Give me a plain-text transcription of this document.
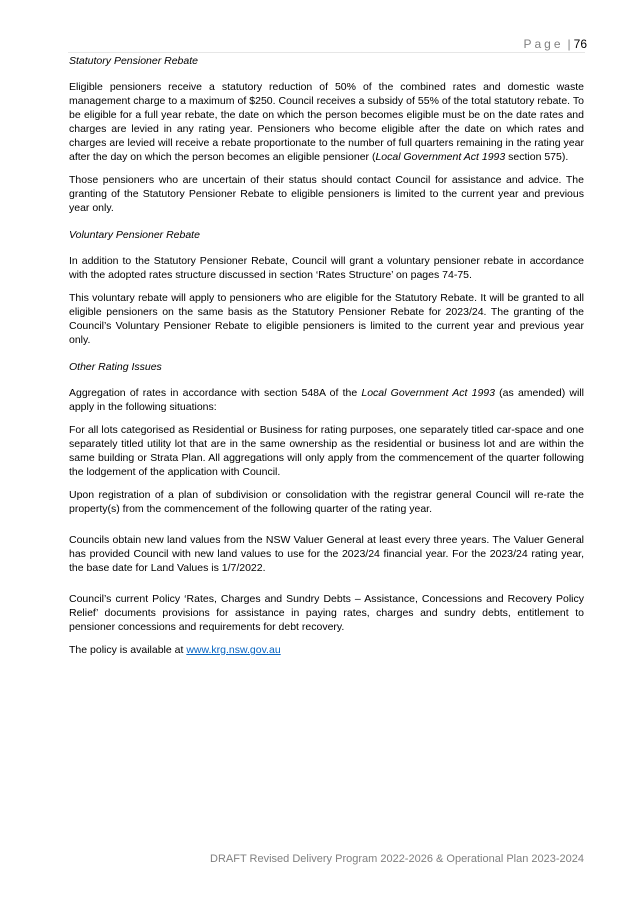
Page | 76

Statutory Pensioner Rebate

Eligible pensioners receive a statutory reduction of 50% of the combined rates and domestic waste management charge to a maximum of $250. Council receives a subsidy of 55% of the total statutory rebate. To be eligible for a full year rebate, the date on which the person becomes eligible must be on the date rates and charges are levied in any rating year. Pensioners who become eligible after the date on which rates and charges are levied will receive a rebate proportionate to the number of full quarters remaining in the rating year after the day on which the person becomes an eligible pensioner (Local Government Act 1993 section 575).

Those pensioners who are uncertain of their status should contact Council for assistance and advice. The granting of the Statutory Pensioner Rebate to eligible pensioners is limited to the current year and previous year only.

Voluntary Pensioner Rebate

In addition to the Statutory Pensioner Rebate, Council will grant a voluntary pensioner rebate in accordance with the adopted rates structure discussed in section ‘Rates Structure’ on pages 74-75.

This voluntary rebate will apply to pensioners who are eligible for the Statutory Rebate. It will be granted to all eligible pensioners on the same basis as the Statutory Pensioner Rebate for 2023/24. The granting of the Council’s Voluntary Pensioner Rebate to eligible pensioners is limited to the current year and previous year only.

Other Rating Issues

Aggregation of rates in accordance with section 548A of the Local Government Act 1993 (as amended) will apply in the following situations:

For all lots categorised as Residential or Business for rating purposes, one separately titled car-space and one separately titled utility lot that are in the same ownership as the residential or business lot and are within the same building or Strata Plan. All aggregations will only apply from the commencement of the quarter following the lodgement of the application with Council.

Upon registration of a plan of subdivision or consolidation with the registrar general Council will re-rate the property(s) from the commencement of the following quarter of the rating year.

Councils obtain new land values from the NSW Valuer General at least every three years. The Valuer General has provided Council with new land values to use for the 2023/24 financial year. For the 2023/24 rating year, the base date for Land Values is 1/7/2022.

Council’s current Policy ‘Rates, Charges and Sundry Debts – Assistance, Concessions and Recovery Policy Relief’ documents provisions for assistance in paying rates, charges and sundry debts, entitlement to pensioner concessions and requirements for debt recovery.

The policy is available at www.krg.nsw.gov.au

DRAFT Revised Delivery Program 2022-2026 & Operational Plan 2023-2024
